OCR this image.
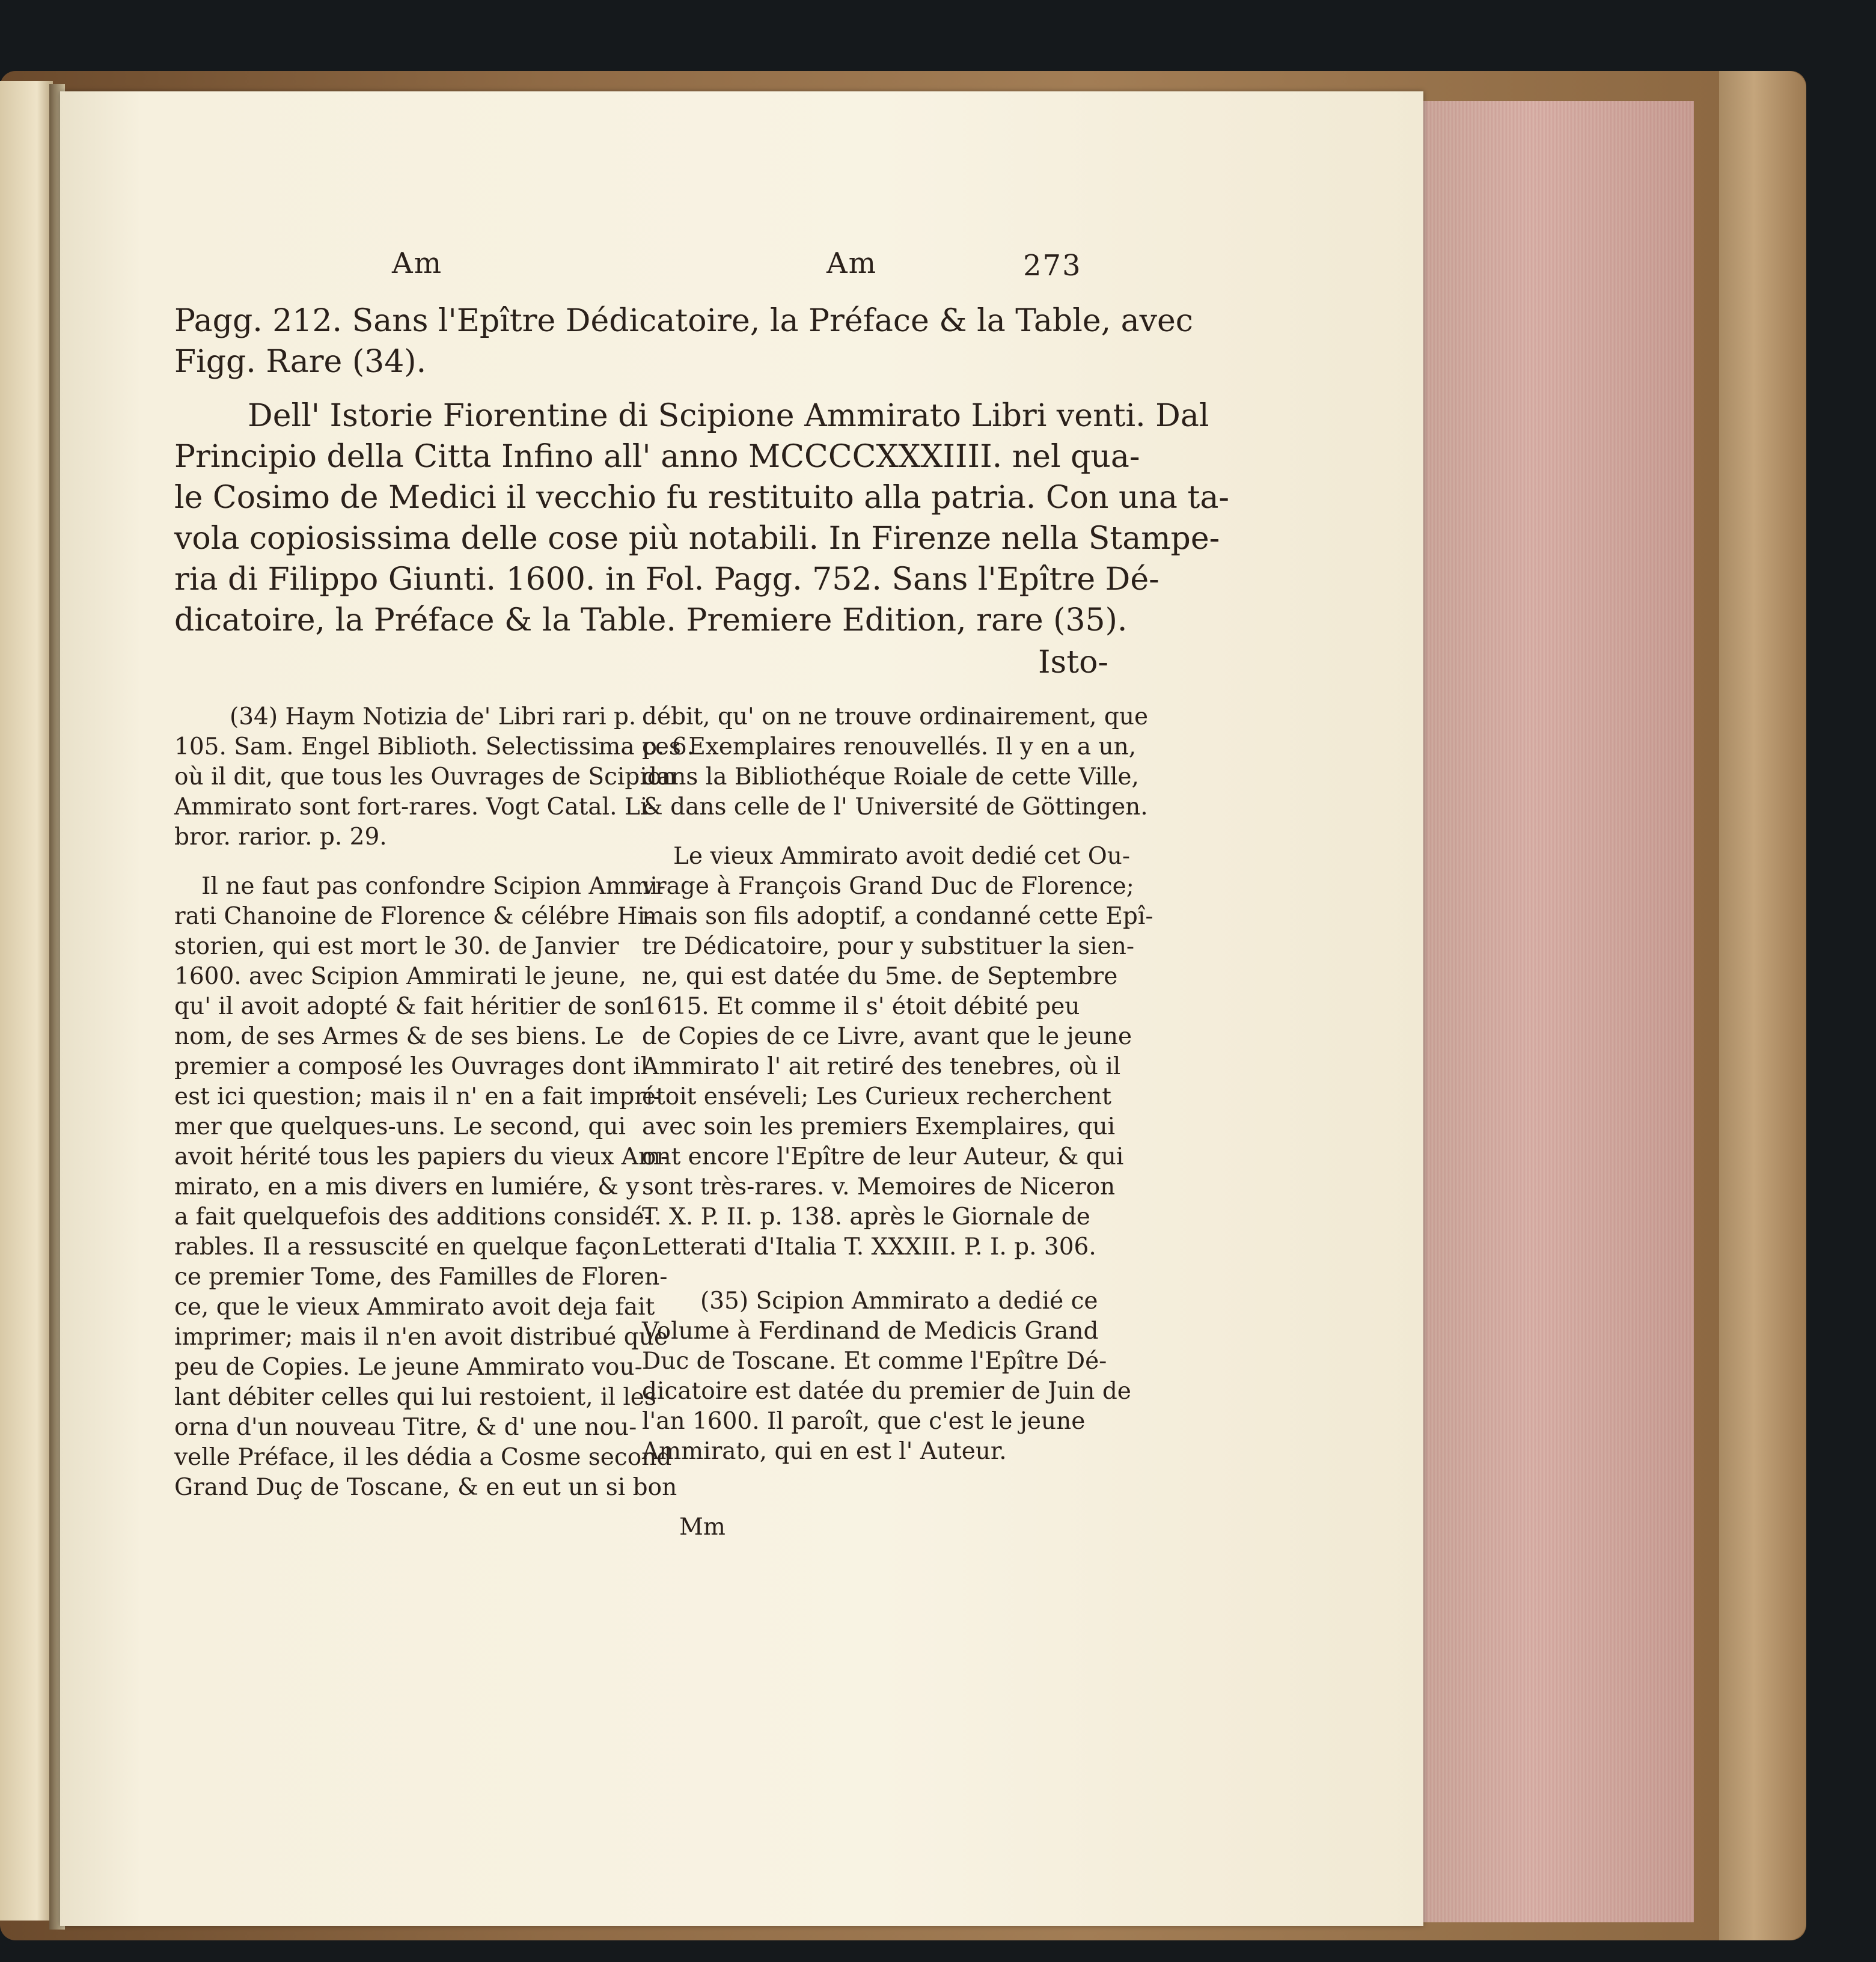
Am	Am	273
Pagg. 212. Sans l'Epître Dédicatoire, la Préface & la Table, avec
Figg. Rare (34).
Dell' Istorie Fiorentine di Scipione Ammirato Libri venti. Dal
Principio della Citta Infino all' anno MCCCCXXXIIII. nel qua-
le Cosimo de Medici il vecchio fu restituito alla patria. Con una ta-
vola copiosissima delle cose più notabili. In Firenze nella Stampe-
ria di Filippo Giunti. 1600. in Fol. Pagg. 752. Sans l'Epître Dé-
dicatoire, la Préface & la Table. Premiere Edition, rare (35).
Isto-
(34) Haym Notizia de' Libri rari p.
105. Sam. Engel Biblioth. Selectissima p. 6.
où il dit, que tous les Ouvrages de Scipion
Ammirato sont fort-rares. Vogt Catal. Li-
bror. rarior. p. 29.
Il ne faut pas confondre Scipion Ammi-
rati Chanoine de Florence & célébre Hi-
storien, qui est mort le 30. de Janvier
1600. avec Scipion Ammirati le jeune,
qu' il avoit adopté & fait héritier de son
nom, de ses Armes & de ses biens. Le
premier a composé les Ouvrages dont il
est ici question; mais il n' en a fait impri-
mer que quelques-uns. Le second, qui
avoit hérité tous les papiers du vieux Am-
mirato, en a mis divers en lumiére, & y
a fait quelquefois des additions considé-
rables. Il a ressuscité en quelque façon
ce premier Tome, des Familles de Floren-
ce, que le vieux Ammirato avoit deja fait
imprimer; mais il n'en avoit distribué que
peu de Copies. Le jeune Ammirato vou-
lant débiter celles qui lui restoient, il les
orna d'un nouveau Titre, & d' une nou-
velle Préface, il les dédia a Cosme second
Grand Duç de Toscane, & en eut un si bon
débit, qu' on ne trouve ordinairement, que
ces Exemplaires renouvellés. Il y en a un,
dans la Bibliothéque Roiale de cette Ville,
& dans celle de l' Université de Göttingen.
Le vieux Ammirato avoit dedié cet Ou-
vrage à François Grand Duc de Florence;
mais son fils adoptif, a condanné cette Epî-
tre Dédicatoire, pour y substituer la sien-
ne, qui est datée du 5me. de Septembre
1615. Et comme il s' étoit débité peu
de Copies de ce Livre, avant que le jeune
Ammirato l' ait retiré des tenebres, où il
étoit enséveli; Les Curieux recherchent
avec soin les premiers Exemplaires, qui
ont encore l'Epître de leur Auteur, & qui
sont très-rares. v. Memoires de Niceron
T. X. P. II. p. 138. après le Giornale de
Letterati d'Italia T. XXXIII. P. I. p. 306.
(35) Scipion Ammirato a dedié ce
Volume à Ferdinand de Medicis Grand
Duc de Toscane. Et comme l'Epître Dé-
dicatoire est datée du premier de Juin de
l'an 1600. Il paroît, que c'est le jeune
Ammirato, qui en est l' Auteur.
Mm
